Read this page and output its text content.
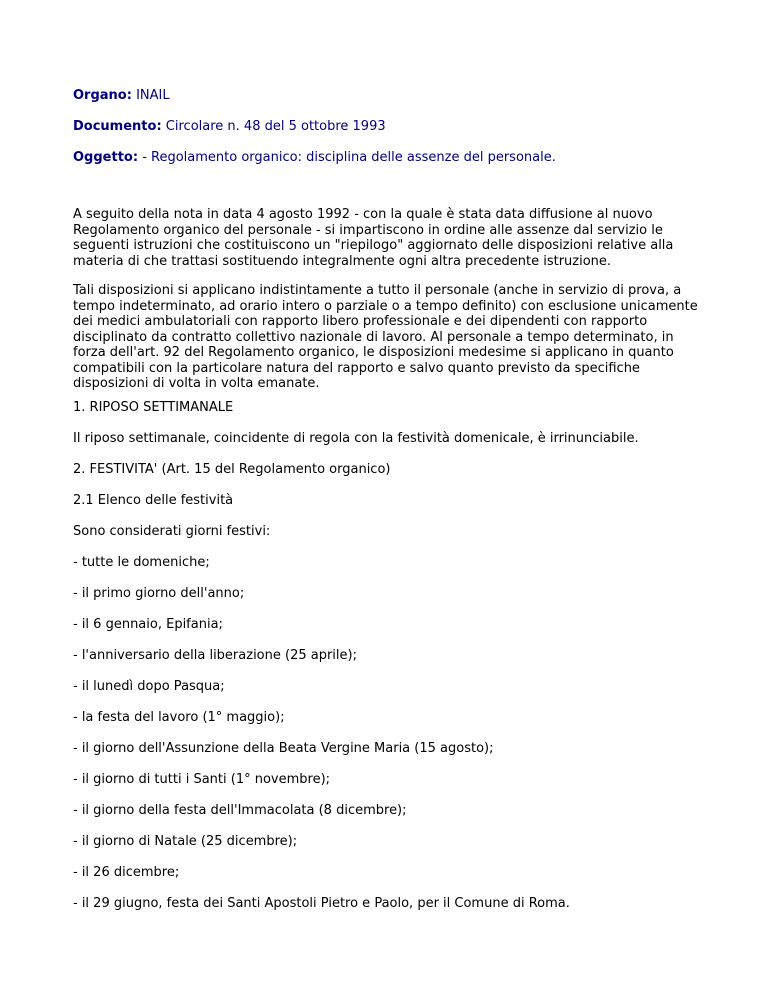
Organo: INAIL
Documento: Circolare n. 48 del 5 ottobre 1993
Oggetto: - Regolamento organico: disciplina delle assenze del personale.
A seguito della nota in data 4 agosto 1992 - con la quale è stata data diffusione al nuovo
Regolamento organico del personale - si impartiscono in ordine alle assenze dal servizio le
seguenti istruzioni che costituiscono un "riepilogo" aggiornato delle disposizioni relative alla
materia di che trattasi sostituendo integralmente ogni altra precedente istruzione.
Tali disposizioni si applicano indistintamente a tutto il personale (anche in servizio di prova, a
tempo indeterminato, ad orario intero o parziale o a tempo definito) con esclusione unicamente
dei medici ambulatoriali con rapporto libero professionale e dei dipendenti con rapporto
disciplinato da contratto collettivo nazionale di lavoro. Al personale a tempo determinato, in
forza dell'art. 92 del Regolamento organico, le disposizioni medesime si applicano in quanto
compatibili con la particolare natura del rapporto e salvo quanto previsto da specifiche
disposizioni di volta in volta emanate.

1. RIPOSO SETTIMANALE

Il riposo settimanale, coincidente di regola con la festività domenicale, è irrinunciabile.

2. FESTIVITA' (Art. 15 del Regolamento organico)

2.1 Elenco delle festività

Sono considerati giorni festivi:

- tutte le domeniche;

- il primo giorno dell'anno;

- il 6 gennaio, Epifania;

- l'anniversario della liberazione (25 aprile);

- il lunedì dopo Pasqua;

- la festa del lavoro (1° maggio);

- il giorno dell'Assunzione della Beata Vergine Maria (15 agosto);

- il giorno di tutti i Santi (1° novembre);

- il giorno della festa dell'Immacolata (8 dicembre);

- il giorno di Natale (25 dicembre);

- il 26 dicembre;

- il 29 giugno, festa dei Santi Apostoli Pietro e Paolo, per il Comune di Roma.
